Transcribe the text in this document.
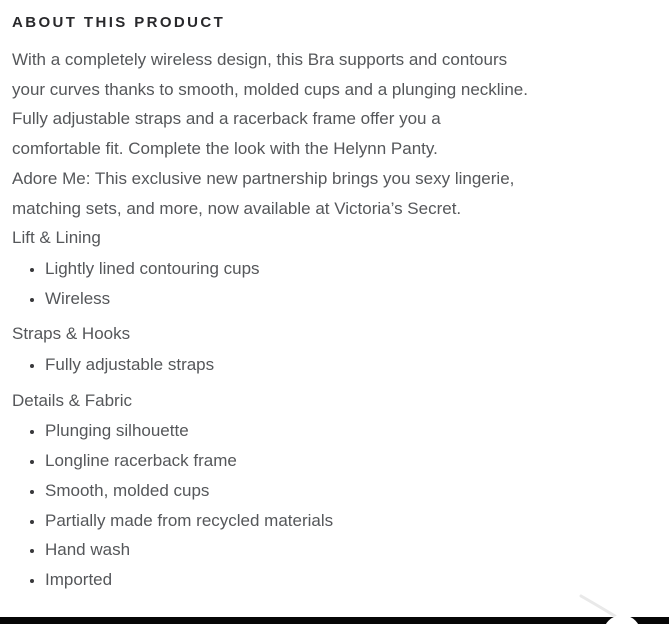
ABOUT THIS PRODUCT
With a completely wireless design, this Bra supports and contours
your curves thanks to smooth, molded cups and a plunging neckline.
Fully adjustable straps and a racerback frame offer you a
comfortable fit. Complete the look with the Helynn Panty.
Adore Me: This exclusive new partnership brings you sexy lingerie,
matching sets, and more, now available at Victoria’s Secret.
Lift & Lining
• Lightly lined contouring cups
• Wireless
Straps & Hooks
• Fully adjustable straps
Details & Fabric
• Plunging silhouette
• Longline racerback frame
• Smooth, molded cups
• Partially made from recycled materials
• Hand wash
• Imported
